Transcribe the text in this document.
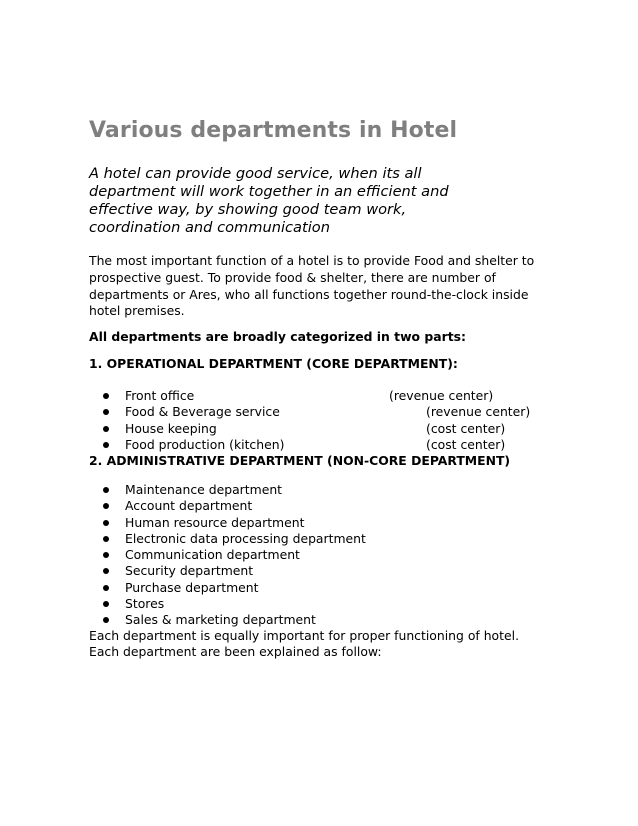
Various departments in Hotel

A hotel can provide good service, when its all
department will work together in an efficient and
effective way, by showing good team work,
coordination and communication

The most important function of a hotel is to provide Food and shelter to
prospective guest. To provide food & shelter, there are number of
departments or Ares, who all functions together round-the-clock inside
hotel premises.

All departments are broadly categorized in two parts:

1. OPERATIONAL DEPARTMENT (CORE DEPARTMENT):

Front office	(revenue center)
Food & Beverage service	(revenue center)
House keeping	(cost center)
Food production (kitchen)	(cost center)

2. ADMINISTRATIVE DEPARTMENT (NON-CORE DEPARTMENT)

Maintenance department
Account department
Human resource department
Electronic data processing department
Communication department
Security department
Purchase department
Stores
Sales & marketing department

Each department is equally important for proper functioning of hotel.
Each department are been explained as follow:
